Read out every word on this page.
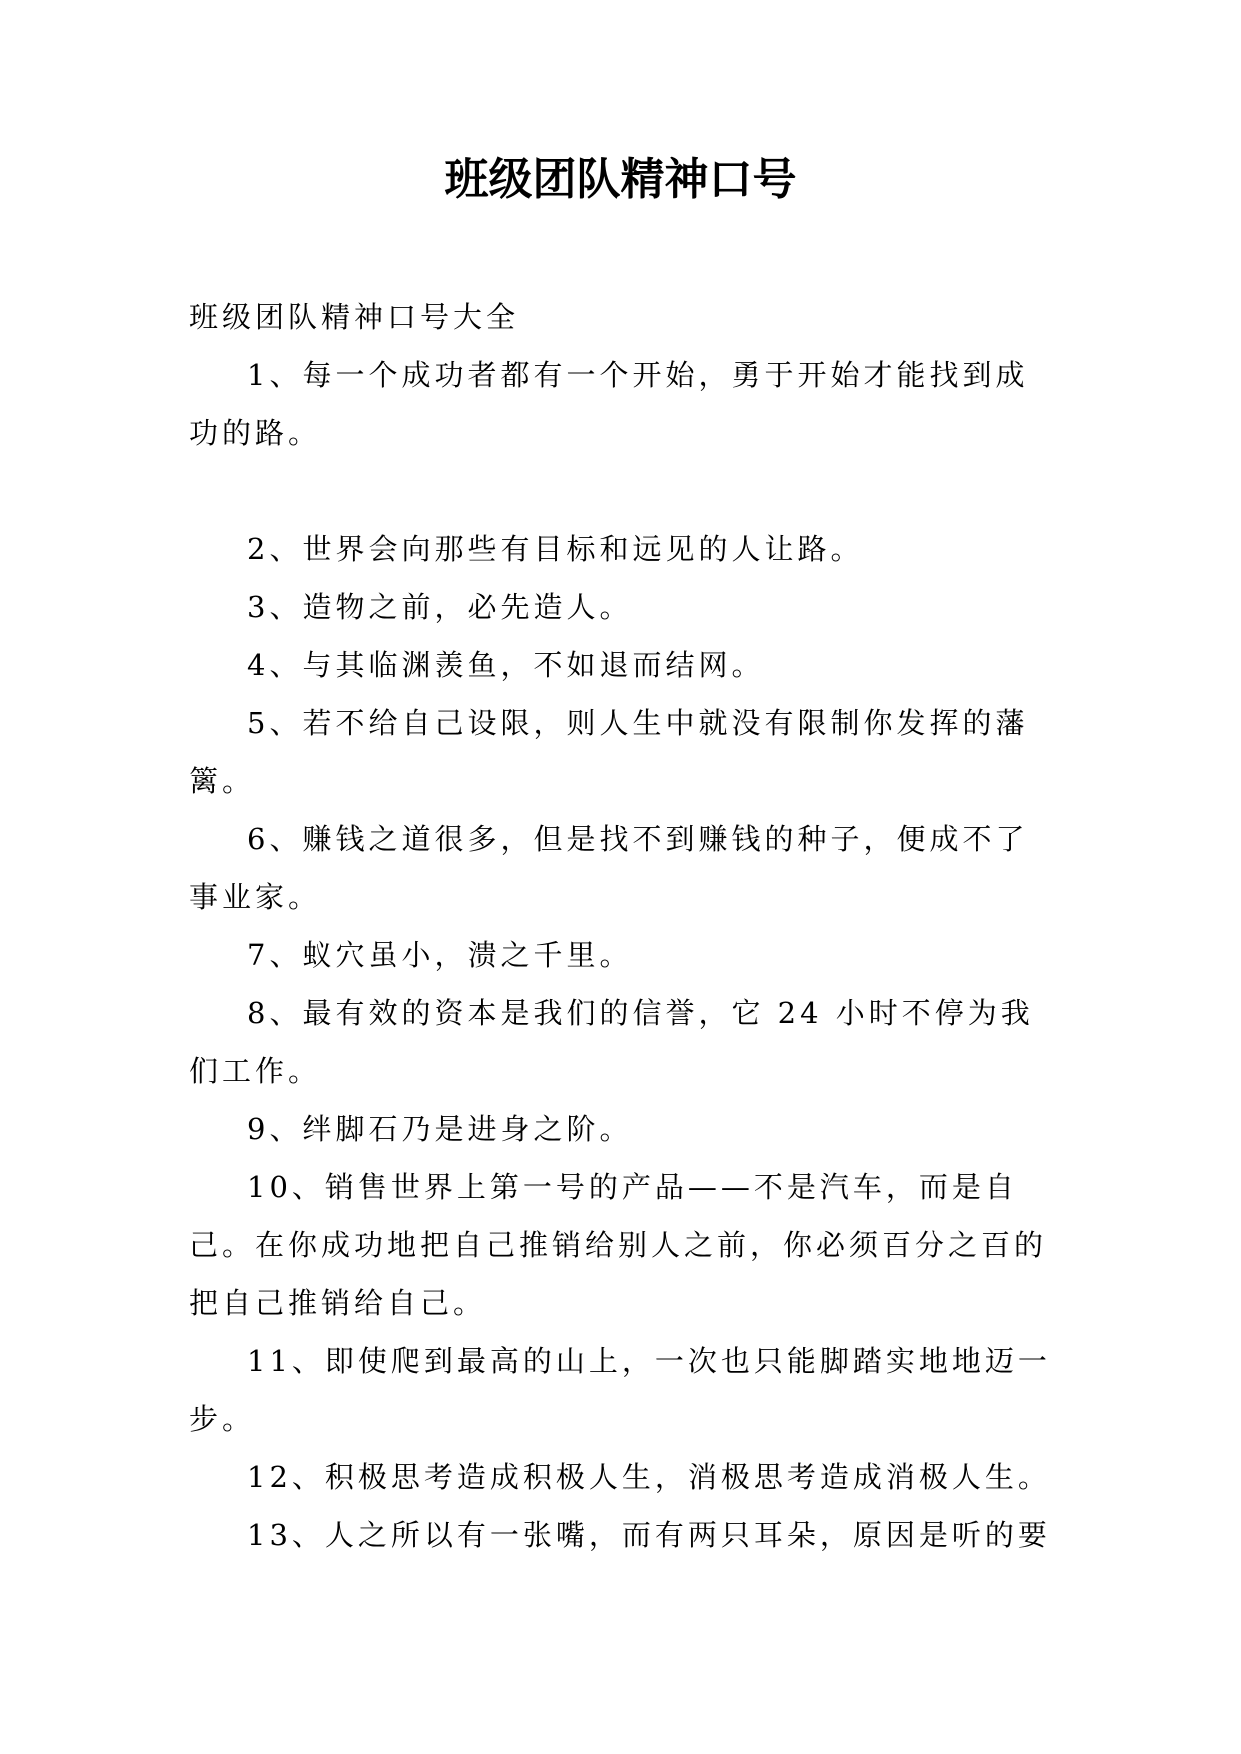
班级团队精神口号

班级团队精神口号大全

1、每一个成功者都有一个开始，勇于开始才能找到成功的路。

2、世界会向那些有目标和远见的人让路。

3、造物之前，必先造人。

4、与其临渊羡鱼，不如退而结网。

5、若不给自己设限，则人生中就没有限制你发挥的藩篱。

6、赚钱之道很多，但是找不到赚钱的种子，便成不了事业家。

7、蚁穴虽小，溃之千里。

8、最有效的资本是我们的信誉，它 24 小时不停为我们工作。

9、绊脚石乃是进身之阶。

10、销售世界上第一号的产品——不是汽车，而是自己。在你成功地把自己推销给别人之前，你必须百分之百的把自己推销给自己。

11、即使爬到最高的山上，一次也只能脚踏实地地迈一步。

12、积极思考造成积极人生，消极思考造成消极人生。

13、人之所以有一张嘴，而有两只耳朵，原因是听的要
